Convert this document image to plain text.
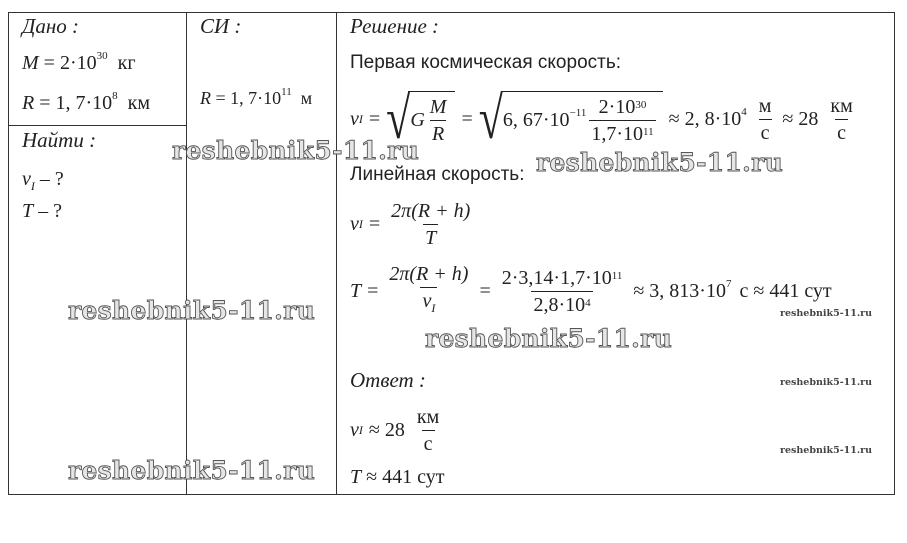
Дано :
$M = 2\cdot 10^{30}$ кг
R = 1, $7\cdot 10^8$ км
Найти :
$v_I$ – ?
T – ?
СИ :
R = 1, $7\cdot 10^{11}$ м
Решение :
Первая космическая скорость:
v I = √ G $\frac{M}{R}$ = √ 6, $67\cdot 10^{-11} \frac{2\cdot 10^{30}}{1,7\cdot 10^{11}} \approx 2$, $8\cdot 10^4 \frac{м}{с} \approx 28 \frac{км}{с}$
Линейная скорость:
v $I = \frac{2\pi(R + h)}{T}$
$T = \frac{2\pi(R + h)}{v_I} = \frac{2\cdot 3,14\cdot 1,7\cdot 10^{11}}{2,8\cdot 10^4} \approx 3$, $813\cdot 10^7$ с ≈ 441 сут
Ответ :
v $I \approx 28 \frac{км}{с}$
T ≈ 441 сут
reshebnik5-11.ru	reshebnik5-11.ru
reshebnik5-11.ru
reshebnik5-11.ru
reshebnik5-11.ru
reshebnik5-11.ru
reshebnik5-11.ru
reshebnik5-11.ru
